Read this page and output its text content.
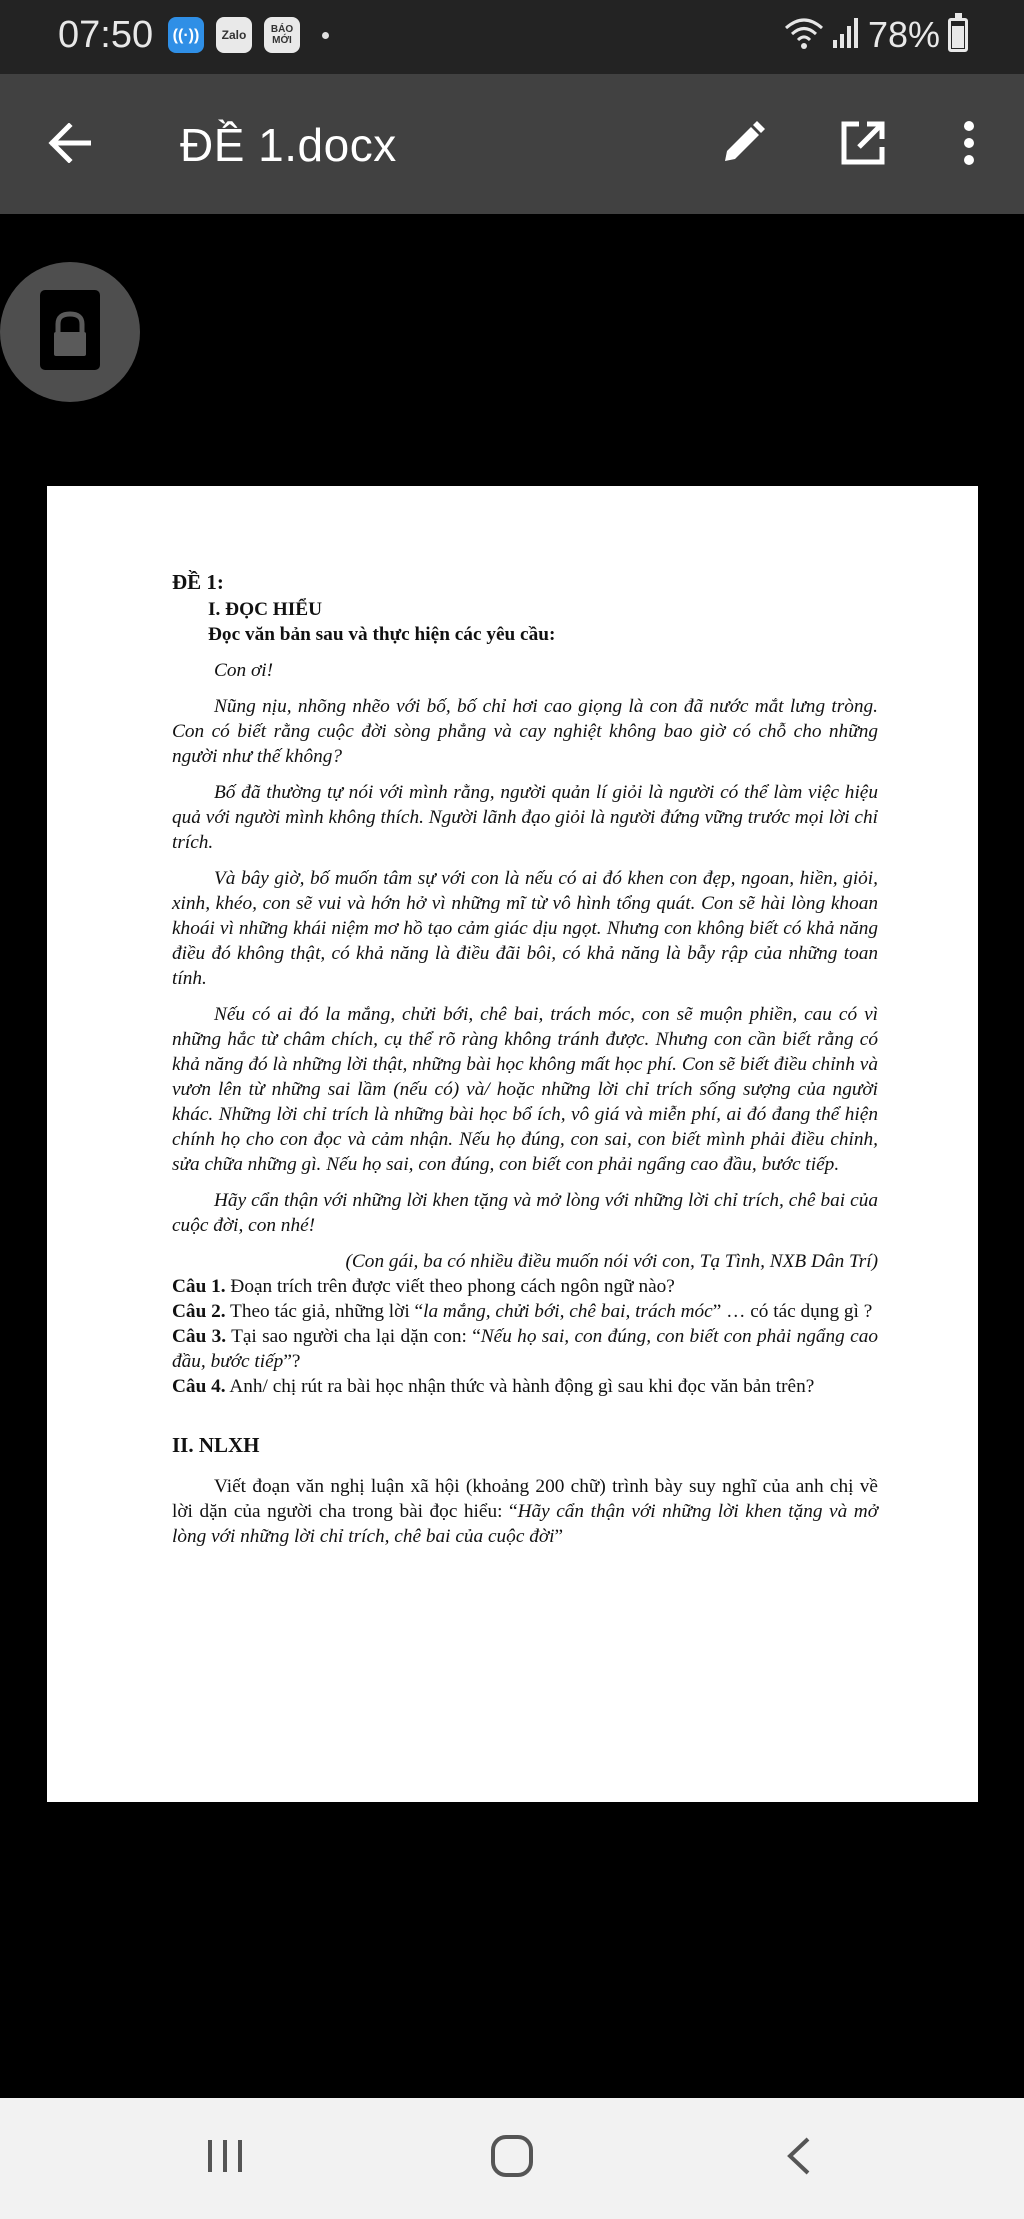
07:50 ((·))	Zalo	BÁO MỚI	78%
ĐỀ 1.docx

ĐỀ 1:

I. ĐỌC HIỂU

Đọc văn bản sau và thực hiện các yêu cầu:

Con ơi!

Nũng nịu, nhõng nhẽo với bố, bố chỉ hơi cao giọng là con đã nước mắt lưng tròng. Con có biết rằng cuộc đời sòng phẳng và cay nghiệt không bao giờ có chỗ cho những người như thế không?

Bố đã thường tự nói với mình rằng, người quản lí giỏi là người có thể làm việc hiệu quả với người mình không thích. Người lãnh đạo giỏi là người đứng vững trước mọi lời chỉ trích.

Và bây giờ, bố muốn tâm sự với con là nếu có ai đó khen con đẹp, ngoan, hiền, giỏi, xinh, khéo, con sẽ vui và hớn hở vì những mĩ từ vô hình tổng quát. Con sẽ hài lòng khoan khoái vì những khái niệm mơ hồ tạo cảm giác dịu ngọt. Nhưng con không biết có khả năng điều đó không thật, có khả năng là điều đãi bôi, có khả năng là bẫy rập của những toan tính.

Nếu có ai đó la mắng, chửi bới, chê bai, trách móc, con sẽ muộn phiền, cau có vì những hắc từ châm chích, cụ thể rõ ràng không tránh được. Nhưng con cần biết rằng có khả năng đó là những lời thật, những bài học không mất học phí. Con sẽ biết điều chỉnh và vươn lên từ những sai lầm (nếu có) và/ hoặc những lời chỉ trích sống sượng của người khác. Những lời chỉ trích là những bài học bổ ích, vô giá và miễn phí, ai đó đang thể hiện chính họ cho con đọc và cảm nhận. Nếu họ đúng, con sai, con biết mình phải điều chỉnh, sửa chữa những gì. Nếu họ sai, con đúng, con biết con phải ngẩng cao đầu, bước tiếp.

Hãy cẩn thận với những lời khen tặng và mở lòng với những lời chỉ trích, chê bai của cuộc đời, con nhé!

(Con gái, ba có nhiều điều muốn nói với con, Tạ Tình, NXB Dân Trí)

Câu 1. Đoạn trích trên được viết theo phong cách ngôn ngữ nào?

Câu 2. Theo tác giả, những lời “la mắng, chửi bới, chê bai, trách móc” … có tác dụng gì ?

Câu 3. Tại sao người cha lại dặn con: “Nếu họ sai, con đúng, con biết con phải ngẩng cao đầu, bước tiếp”?

Câu 4. Anh/ chị rút ra bài học nhận thức và hành động gì sau khi đọc văn bản trên?

II. NLXH

Viết đoạn văn nghị luận xã hội (khoảng 200 chữ) trình bày suy nghĩ của anh chị về lời dặn của người cha trong bài đọc hiểu: “Hãy cẩn thận với những lời khen tặng và mở lòng với những lời chỉ trích, chê bai của cuộc đời”
